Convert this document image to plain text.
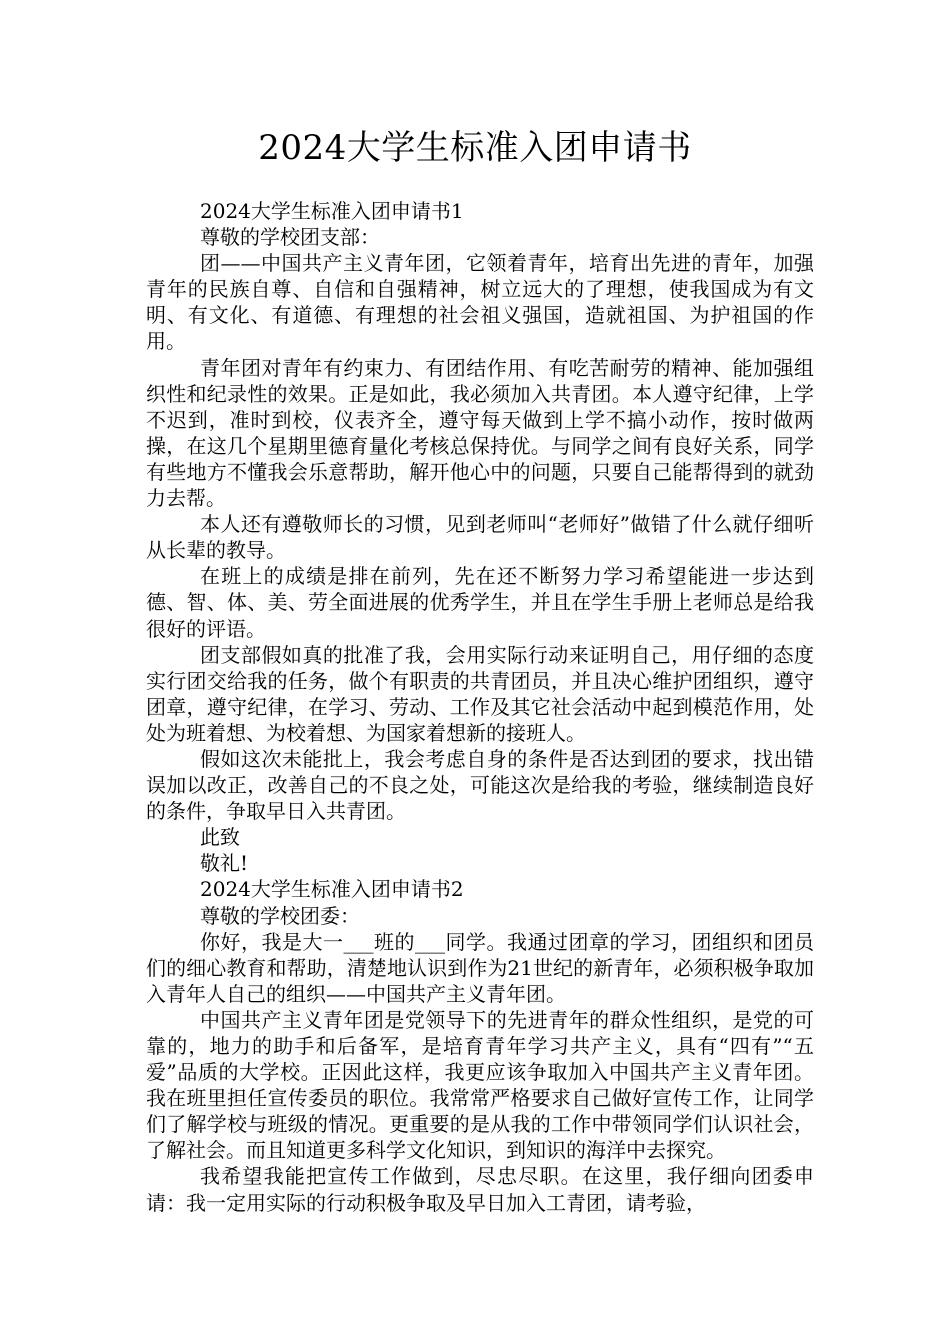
2024大学生标准入团申请书

2024大学生标准入团申请书1

尊敬的学校团支部：

团——中国共产主义青年团，它领着青年，培育出先进的青年，加强青年的民族自尊、自信和自强精神，树立远大的了理想，使我国成为有文明、有文化、有道德、有理想的社会祖义强国，造就祖国、为护祖国的作用。

青年团对青年有约束力、有团结作用、有吃苦耐劳的精神、能加强组织性和纪录性的效果。正是如此，我必须加入共青团。本人遵守纪律，上学不迟到，准时到校，仪表齐全，遵守每天做到上学不搞小动作，按时做两操，在这几个星期里德育量化考核总保持优。与同学之间有良好关系，同学有些地方不懂我会乐意帮助，解开他心中的问题，只要自己能帮得到的就劲力去帮。

本人还有遵敬师长的习惯，见到老师叫“老师好”做错了什么就仔细听从长辈的教导。

在班上的成绩是排在前列，先在还不断努力学习希望能进一步达到德、智、体、美、劳全面进展的优秀学生，并且在学生手册上老师总是给我很好的评语。

团支部假如真的批准了我，会用实际行动来证明自己，用仔细的态度实行团交给我的任务，做个有职责的共青团员，并且决心维护团组织，遵守团章，遵守纪律，在学习、劳动、工作及其它社会活动中起到模范作用，处处为班着想、为校着想、为国家着想新的接班人。

假如这次未能批上，我会考虑自身的条件是否达到团的要求，找出错误加以改正，改善自己的不良之处，可能这次是给我的考验，继续制造良好的条件，争取早日入共青团。

此致

敬礼!

2024大学生标准入团申请书2

尊敬的学校团委：

你好，我是大一___班的___同学。我通过团章的学习，团组织和团员们的细心教育和帮助，清楚地认识到作为21世纪的新青年，必须积极争取加入青年人自己的组织——中国共产主义青年团。

中国共产主义青年团是党领导下的先进青年的群众性组织，是党的可靠的，地力的助手和后备军，是培育青年学习共产主义，具有“四有”“五爱”品质的大学校。正因此这样，我更应该争取加入中国共产主义青年团。我在班里担任宣传委员的职位。我常常严格要求自己做好宣传工作，让同学们了解学校与班级的情况。更重要的是从我的工作中带领同学们认识社会，了解社会。而且知道更多科学文化知识，到知识的海洋中去探究。

我希望我能把宣传工作做到，尽忠尽职。在这里，我仔细向团委申请：我一定用实际的行动积极争取及早日加入工青团，请考验，
